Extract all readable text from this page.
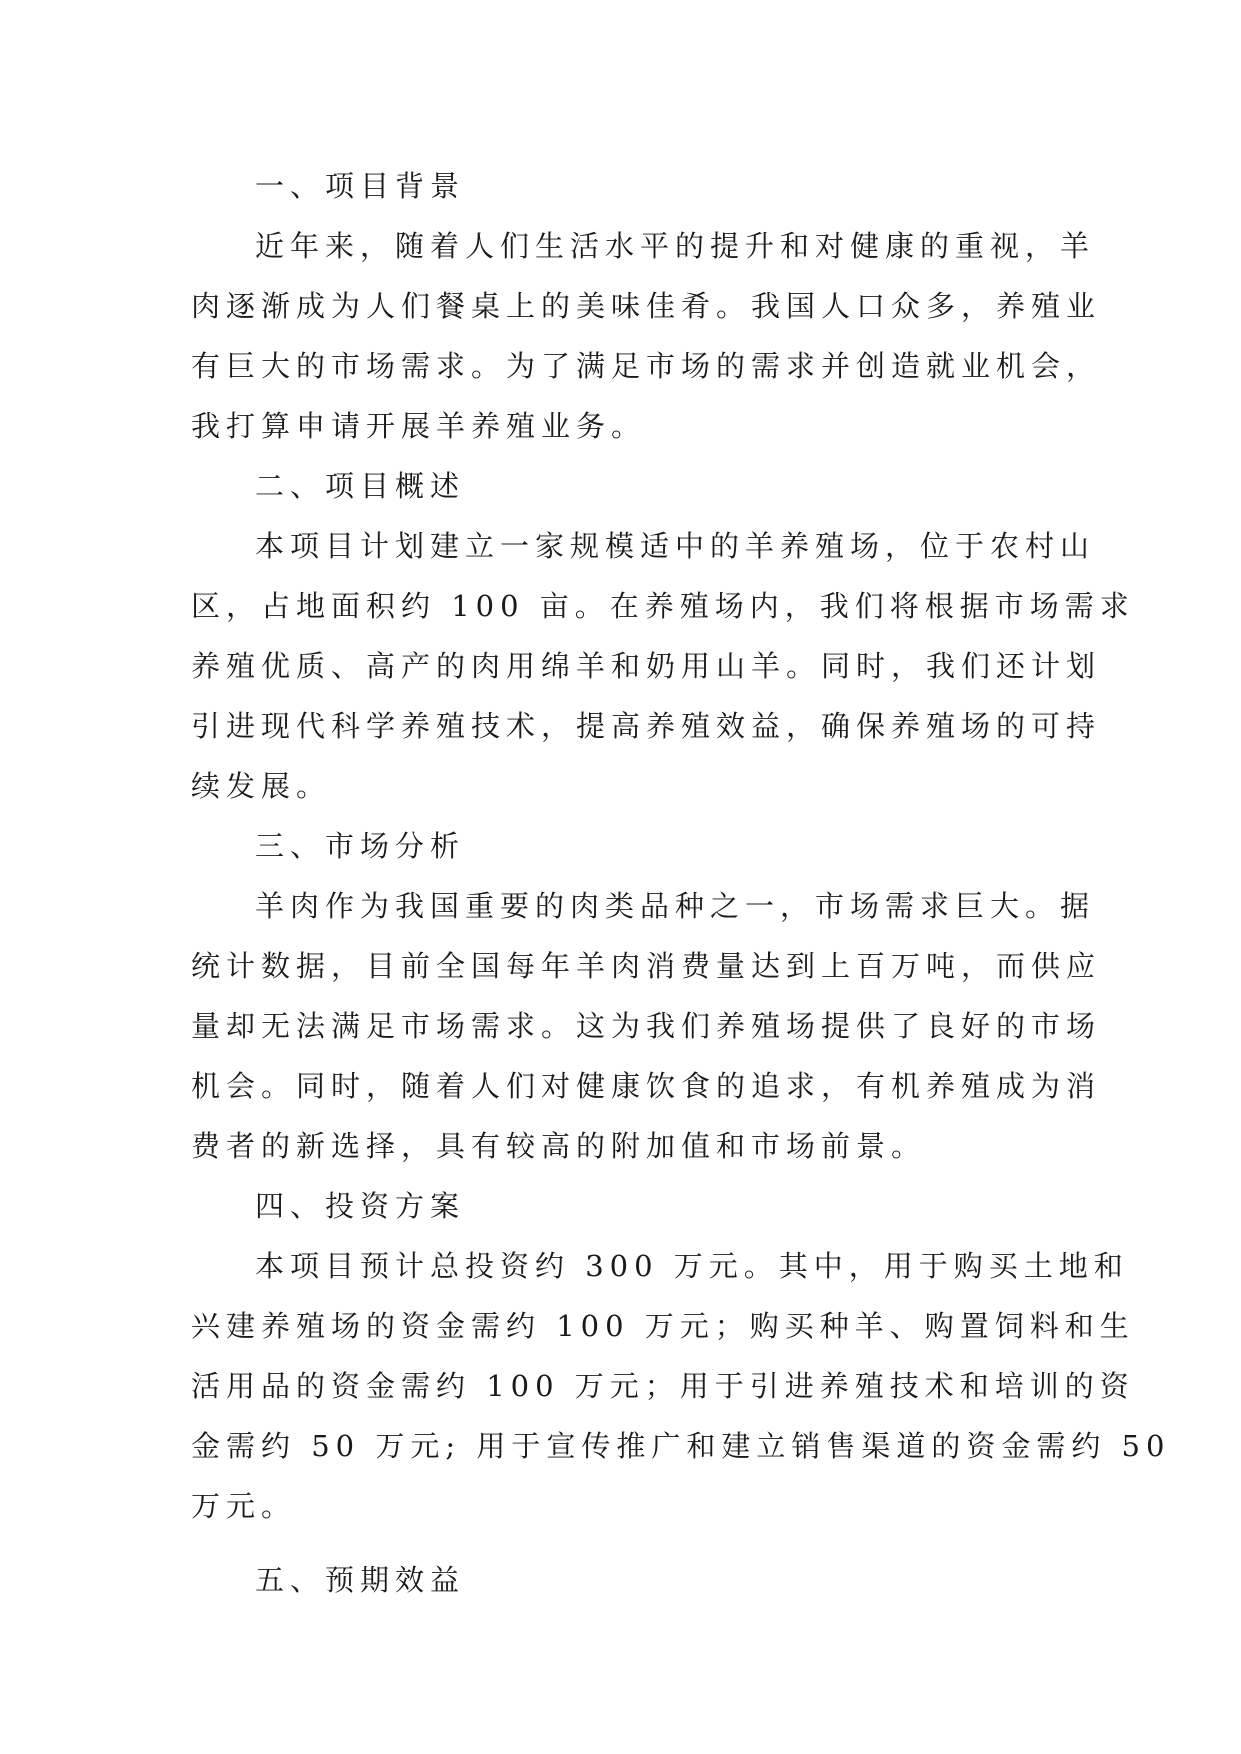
一、项目背景
近年来，随着人们生活水平的提升和对健康的重视，羊
肉逐渐成为人们餐桌上的美味佳肴。我国人口众多，养殖业
有巨大的市场需求。为了满足市场的需求并创造就业机会，
我打算申请开展羊养殖业务。
二、项目概述
本项目计划建立一家规模适中的羊养殖场，位于农村山
区，占地面积约 100 亩。在养殖场内，我们将根据市场需求
养殖优质、高产的肉用绵羊和奶用山羊。同时，我们还计划
引进现代科学养殖技术，提高养殖效益，确保养殖场的可持
续发展。
三、市场分析
羊肉作为我国重要的肉类品种之一，市场需求巨大。据
统计数据，目前全国每年羊肉消费量达到上百万吨，而供应
量却无法满足市场需求。这为我们养殖场提供了良好的市场
机会。同时，随着人们对健康饮食的追求，有机养殖成为消
费者的新选择，具有较高的附加值和市场前景。
四、投资方案
本项目预计总投资约 300 万元。其中，用于购买土地和
兴建养殖场的资金需约 100 万元；购买种羊、购置饲料和生
活用品的资金需约 100 万元；用于引进养殖技术和培训的资
金需约 50 万元; 用于宣传推广和建立销售渠道的资金需约 50
万元。
五、预期效益
